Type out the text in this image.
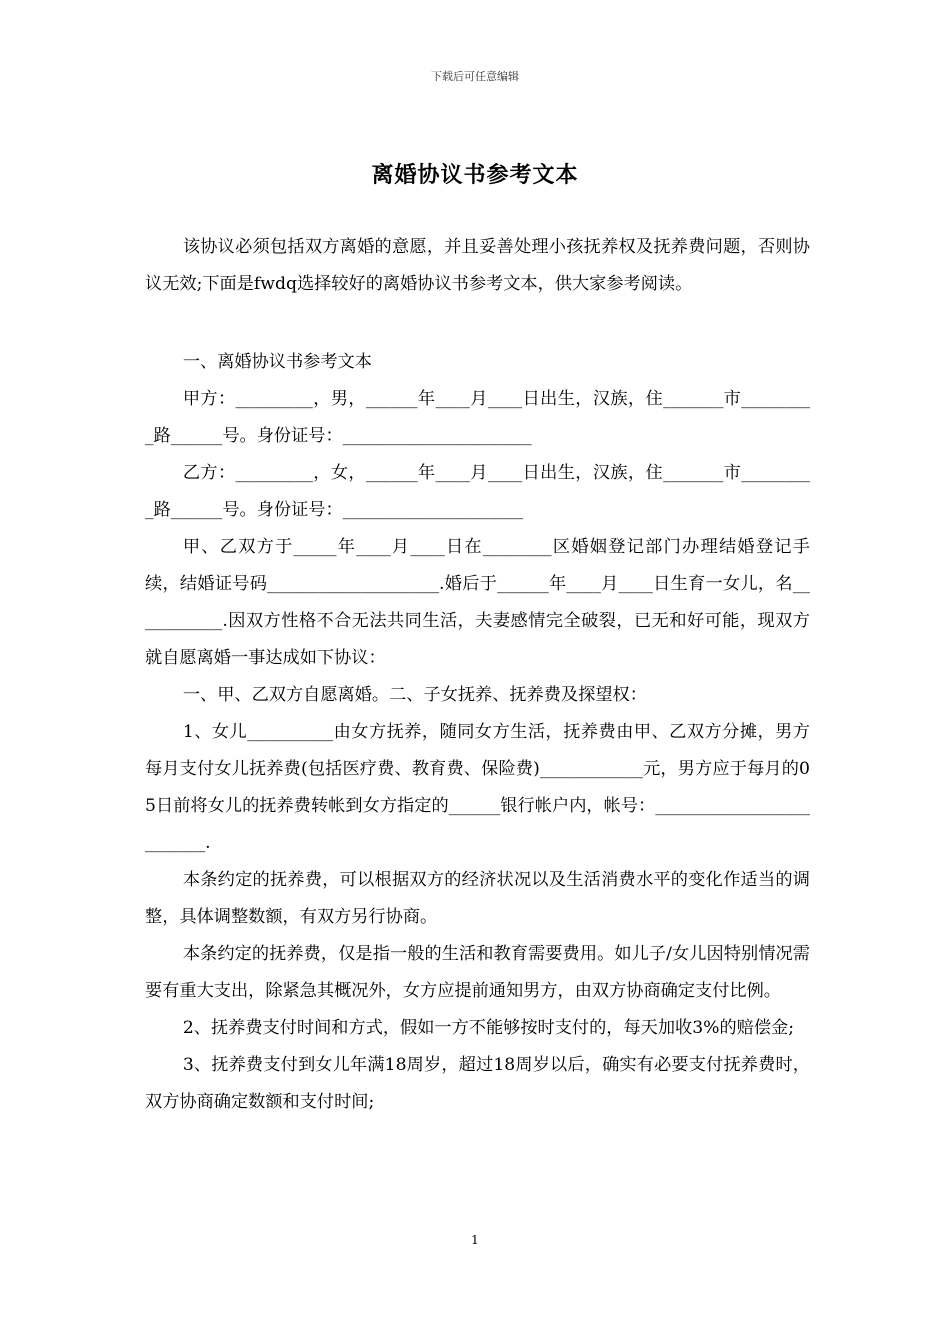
下载后可任意编辑
离婚协议书参考文本

该协议必须包括双方离婚的意愿，并且妥善处理小孩抚养权及抚养费问题，否则协议无效;下面是fwdq选择较好的离婚协议书参考文本，供大家参考阅读。

一、离婚协议书参考文本

甲方：_________，男，______年____月____日出生，汉族，住_______市_________路______号。身份证号：______________________

乙方：_________，女，______年____月____日出生，汉族，住_______市_________路______号。身份证号：_____________________

甲、乙双方于_____年____月____日在________区婚姻登记部门办理结婚登记手续，结婚证号码____________________.婚后于______年____月____日生育一女儿，名___________.因双方性格不合无法共同生活，夫妻感情完全破裂，已无和好可能，现双方就自愿离婚一事达成如下协议：

一、甲、乙双方自愿离婚。二、子女抚养、抚养费及探望权：

1、女儿__________由女方抚养，随同女方生活，抚养费由甲、乙双方分摊，男方每月支付女儿抚养费(包括医疗费、教育费、保险费)____________元，男方应于每月的05日前将女儿的抚养费转帐到女方指定的______银行帐户内，帐号：_________________________.

本条约定的抚养费，可以根据双方的经济状况以及生活消费水平的变化作适当的调整，具体调整数额，有双方另行协商。

本条约定的抚养费，仅是指一般的生活和教育需要费用。如儿子/女儿因特别情况需要有重大支出，除紧急其概况外，女方应提前通知男方，由双方协商确定支付比例。

2、抚养费支付时间和方式，假如一方不能够按时支付的，每天加收3%的赔偿金;

3、抚养费支付到女儿年满18周岁，超过18周岁以后，确实有必要支付抚养费时，双方协商确定数额和支付时间;

1
